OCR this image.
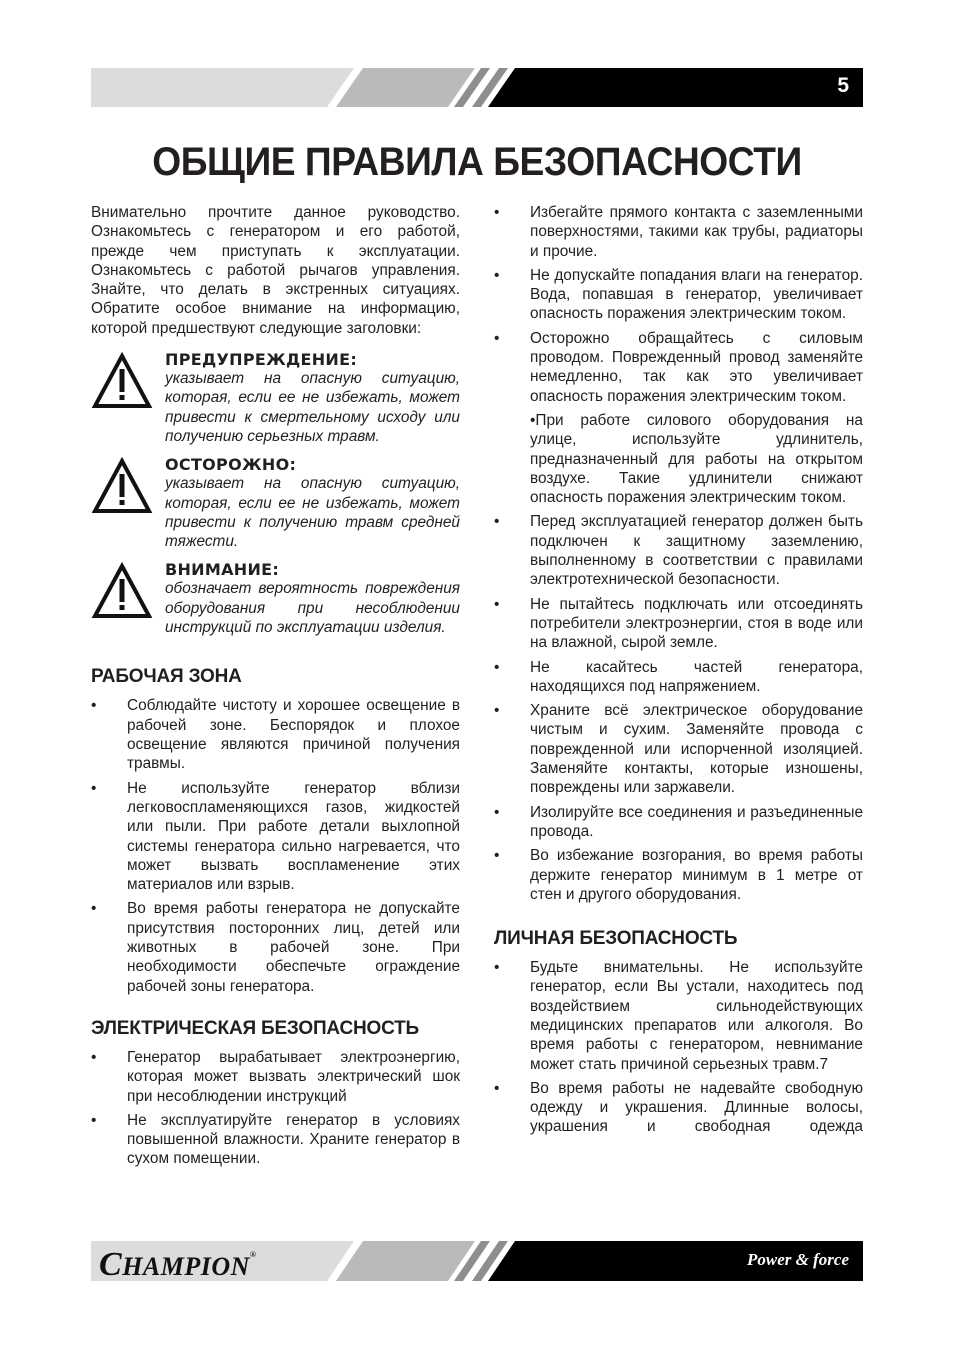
5
ОБЩИЕ ПРАВИЛА БЕЗОПАСНОСТИ

Внимательно прочтите данное руководство. Ознакомьтесь с генератором и его работой, прежде чем приступать к эксплуатации. Ознакомьтесь с работой рычагов управления. Знайте, что делать в экстренных ситуациях. Обратите особое внимание на информацию, которой предшествуют следующие заголовки:

ПРЕДУПРЕЖДЕНИЕ:
указывает на опасную ситуацию, которая, если ее не избежать, может привести к смертельному исходу или получению серьезных травм.
ОСТОРОЖНО:
указывает на опасную ситуацию, которая, если ее не избежать, может привести к получению травм средней тяжести.
ВНИМАНИЕ:
обозначает вероятность повреждения оборудования при несоблюдении инструкций по эксплуатации изделия.
РАБОЧАЯ ЗОНА
• Соблюдайте чистоту и хорошее освещение в рабочей зоне. Беспорядок и плохое освещение являются причиной получения травмы.
• Не используйте генератор вблизи легковоспламеняющихся газов, жидкостей или пыли. При работе детали выхлопной системы генератора сильно нагревается, что может вызвать воспламенение этих материалов или взрыв.
• Во время работы генератора не допускайте присутствия посторонних лиц, детей или животных в рабочей зоне. При необходимости обеспечьте ограждение рабочей зоны генератора.
ЭЛЕКТРИЧЕСКАЯ БЕЗОПАСНОСТЬ
• Генератор вырабатывает электроэнергию, которая может вызвать электрический шок при несоблюдении инструкций
• Не эксплуатируйте генератор в условиях повышенной влажности. Храните генератор в сухом помещении.
• Избегайте прямого контакта с заземленными поверхностями, такими как трубы, радиаторы и прочие.
• Не допускайте попадания влаги на генератор. Вода, попавшая в генератор, увеличивает опасность поражения электрическим током.
• Осторожно обращайтесь с силовым проводом. Поврежденный провод заменяйте немедленно, так как это увеличивает опасность поражения электрическим током.

•При работе силового оборудования на улице, используйте удлинитель, предназначенный для работы на открытом воздухе. Такие удлинители снижают опасность поражения электрическим током.

• Перед эксплуатацией генератор должен быть подключен к защитному заземлению, выполненному в соответствии с правилами электротехнической безопасности.
• Не пытайтесь подключать или отсоединять потребители электроэнергии, стоя в воде или на влажной, сырой земле.
• Не касайтесь частей генератора, находящихся под напряжением.
• Храните всё электрическое оборудование чистым и сухим. Заменяйте провода с поврежденной или испорченной изоляцией. Заменяйте контакты, которые изношены, повреждены или заржавели.
• Изолируйте все соединения и разъединенные провода.
• Во избежание возгорания, во время работы держите генератор минимум в 1 метре от стен и другого оборудования.
ЛИЧНАЯ БЕЗОПАСНОСТЬ
• Будьте внимательны. Не используйте генератор, если Вы устали, находитесь под воздействием сильнодействующих медицинских препаратов или алкоголя. Во время работы с генератором, невнимание может стать причиной серьезных травм.7
• Во время работы не надевайте свободную одежду и украшения. Длинные волосы, украшения и свободная одежда
CHAMPION®	Power & force
